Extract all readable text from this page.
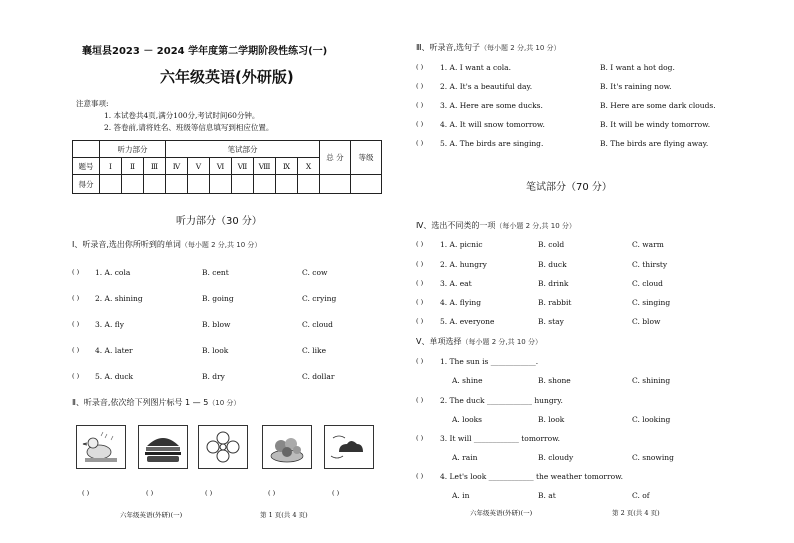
襄垣县2023 － 2024 学年度第二学期阶段性练习(一)
六年级英语(外研版)
注意事项:
1. 本试卷共4页,满分100分,考试时间60分钟。
2. 答卷前,请将姓名、班级等信息填写到相应位置。
	听力部分			笔试部分							总 分	等级
题号	Ⅰ	Ⅱ	Ⅲ	Ⅳ	Ⅴ	Ⅵ	Ⅶ	Ⅷ	Ⅸ	Ⅹ		
得分												
听力部分（30 分）
Ⅰ、听录音,选出你所听到的单词（每小题 2 分,共 10 分）
Ⅱ、听录音,依次给下列图片标号 1 — 5（10 分）
( )	( )	( )	( )	( )
六年级英语(外研)(一)	第 1 页(共 4 页)
Ⅲ、听录音,选句子（每小题 2 分,共 10 分）
笔试部分（70 分）
Ⅳ、选出不同类的一项（每小题 2 分,共 10 分）
Ⅴ、单项选择（每小题 2 分,共 10 分）
六年级英语(外研)(一)	第 2 页(共 4 页)
( ) 1. A. cola	B. cent	C. cow
( ) 2. A. shining	B. going	C. crying
( ) 3. A. fly	B. blow	C. cloud
( ) 4. A. later	B. look	C. like
( ) 5. A. duck	B. dry	C. dollar
( ) 1. A. I want a cola.	B. I want a hot dog.
( ) 2. A. It's a beautiful day.	B. It's raining now.
( ) 3. A. Here are some ducks.	B. Here are some dark clouds.
( ) 4. A. It will snow tomorrow.	B. It will be windy tomorrow.
( ) 5. A. The birds are singing.	B. The birds are flying away.
( ) 1. A. picnic	B. cold	C. warm
( ) 2. A. hungry	B. duck	C. thirsty
( ) 3. A. eat	B. drink	C. cloud
( ) 4. A. flying	B. rabbit	C. singing
( ) 5. A. everyone	B. stay	C. blow
( ) 1. The sun is ____________.
A. shine	B. shone	C. shining
( ) 2. The duck ____________ hungry.
A. looks	B. look	C. looking
( ) 3. It will ____________ tomorrow.
A. rain	B. cloudy	C. snowing
( ) 4. Let's look ____________ the weather tomorrow.
A. in	B. at	C. of
